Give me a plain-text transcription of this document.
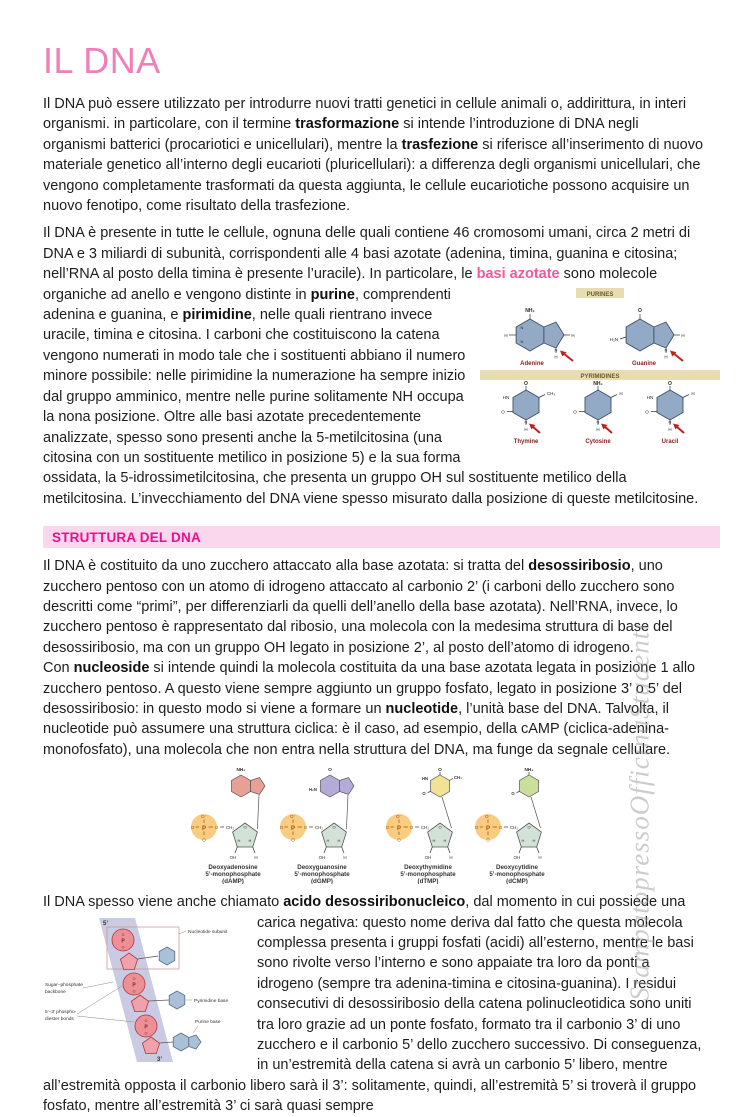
IL DNA

Il DNA può essere utilizzato per introdurre nuovi tratti genetici in cellule animali o, addirittura, in interi organismi. in particolare, con il termine trasformazione si intende l’introduzione di DNA negli organismi batterici (procariotici e unicellulari), mentre la trasfezione si riferisce all’inserimento di nuovo materiale genetico all’interno degli eucarioti (pluricellulari): a differenza degli organismi unicellulari, che vengono completamente trasformati da questa aggiunta, le cellule eucariotiche possono acquisire un nuovo fenotipo, come risultato della trasfezione.

Il DNA è presente in tutte le cellule, ognuna delle quali contiene 46 cromosomi umani, circa 2 metri di DNA e 3 miliardi di subunità, corrispondenti alle 4 basi azotate (adenina, timina, guanina e citosina; nell’RNA al posto della timina è presente l’uracile). In particolare, le basi azotate sono molecole organiche ad anello e vengono	PURINES
NH₂
H	H
N
N
N
H
Adenine
O
H₂N
H
N
H
Guanine
PYRIMIDINES
O
CH₃
HN
O
N
H
Thymine
NH₂
H
O
N
H
Cytosine
O
H
HN
O
N
H
Uracil
distinte in purine, comprendenti adenina e guanina, e pirimidine, nelle quali rientrano invece uracile, timina e citosina. I carboni che costituiscono la catena vengono numerati in modo tale che i sostituenti abbiano il numero minore possibile: nelle pirimidine la numerazione ha sempre inizio dal gruppo amminico, mentre nelle purine solitamente NH occupa la nona posizione. Oltre alle basi azotate precedentemente analizzate, spesso sono presenti anche la 5-metilcitosina (una citosina con un sostituente metilico in posizione 5) e la sua forma ossidata, la 5-idrossimetilcitosina, che presenta un gruppo OH sul sostituente metilico della metilcitosina. L’invecchiamento del DNA viene spesso misurato dalla posizione di queste metilcitosine.

STRUTTURA DEL DNA

Il DNA è costituito da uno zucchero attaccato alla base azotata: si tratta del desossiribosio, uno zucchero pentoso con un atomo di idrogeno attaccato al carbonio 2’ (i carboni dello zucchero sono descritti come “primi”, per differenziarli da quelli dell’anello della base azotata). Nell’RNA, invece, lo zucchero pentoso è rappresentato dal ribosio, una molecola con la medesima struttura di base del desossiribosio, ma con un gruppo OH legato in posizione 2’, al posto dell’atomo di idrogeno.

Con nucleoside si intende quindi la molecola costituita da una base azotata legata in posizione 1 allo zucchero pentoso. A questo viene sempre aggiunto un gruppo fosfato, legato in posizione 3’ o 5’ del desossiribosio: in questo modo si viene a formare un nucleotide, l’unità base del DNA. Talvolta, il nucleotide può assumere una struttura ciclica: è il caso, ad esempio, della cAMP (ciclica-adenina-monofosfato), una molecola che non entra nella struttura del DNA, ma funge da segnale cellulare.

O⁻
P
O
O	O CH₂ O
H H
OH	H
NH₂
Deoxyadenosine
5’-monophosphate
(dAMP)
O⁻
P
O
O	O CH₂ O
H H
OH	H
O
H₂N
Deoxyguanosine
5’-monophosphate
(dGMP)
O⁻
P
O
O	O CH₂ O
H H
OH	H
O
CH₃
HN
O
Deoxythymidine
5’-monophosphate
(dTMP)
O⁻
P
O
O	O CH₂ O
H H
OH	H
NH₂
O
Deoxycytidine
5’-monophosphate
(dCMP)

Il DNA spesso viene anche chiamato acido desossiribonucleico, dal momento in cui possiede una carica
5’
O
P
O
O
P
O
O
P
O
Nucleotide subunit
Pyrimidine base
Purine base
Sugar–phosphate
backbone
5’–3’ phospho-
diester bonds
3’
negativa: questo nome deriva dal fatto che questa molecola complessa presenta i gruppi fosfati (acidi) all’esterno, mentre le basi sono rivolte verso l’interno e sono appaiate tra loro da ponti a idrogeno (sempre tra adenina-timina e citosina-guanina). I residui consecutivi di desossiribosio della catena polinucleotidica sono uniti tra loro grazie ad un ponte fosfato, formato tra il carbonio 3’ di uno zucchero e il carbonio 5’ dello zucchero successivo. Di conseguenza, in un’estremità della catena si avrà un carbonio 5’ libero, mentre all’estremità opposta il carbonio libero sarà il 3’: solitamente, quindi, all’estremità 5’ si troverà il gruppo fosfato, mentre all’estremità 3’ ci sarà quasi sempre

StampatopressoOfficinaStudenti
